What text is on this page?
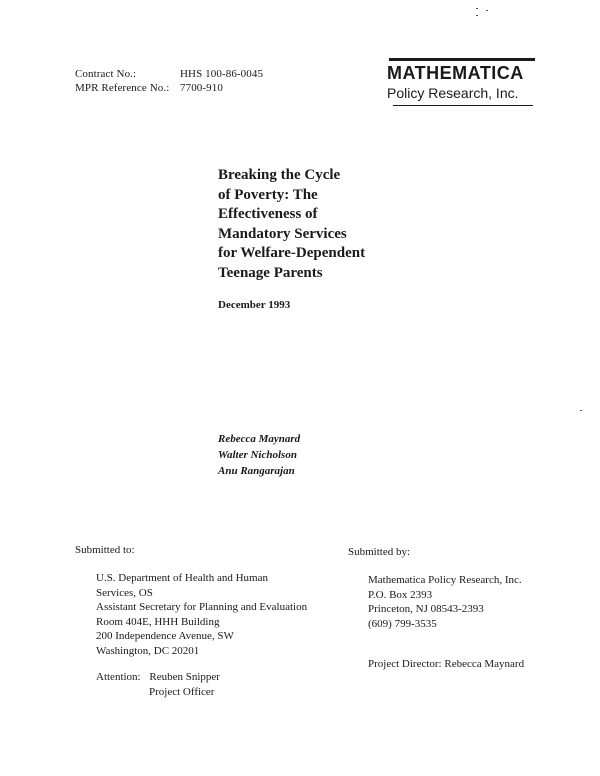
Contract No.:	HHS 100-86-0045
MPR Reference No.: 7700-910
MATHEMATICA
Policy Research, Inc.
Breaking the Cycle
of Poverty: The
Effectiveness of
Mandatory Services
for Welfare-Dependent
Teenage Parents
December 1993
Rebecca Maynard
Walter Nicholson
Anu Rangarajan
Submitted to:
U.S. Department of Health and Human
Services, OS
Assistant Secretary for Planning and Evaluation
Room 404E, HHH Building
200 Independence Avenue, SW
Washington, DC 20201
Attention: Reuben Snipper
Project Officer
Submitted by:
Mathematica Policy Research, Inc.
P.O. Box 2393
Princeton, NJ 08543-2393
(609) 799-3535
Project Director: Rebecca Maynard
